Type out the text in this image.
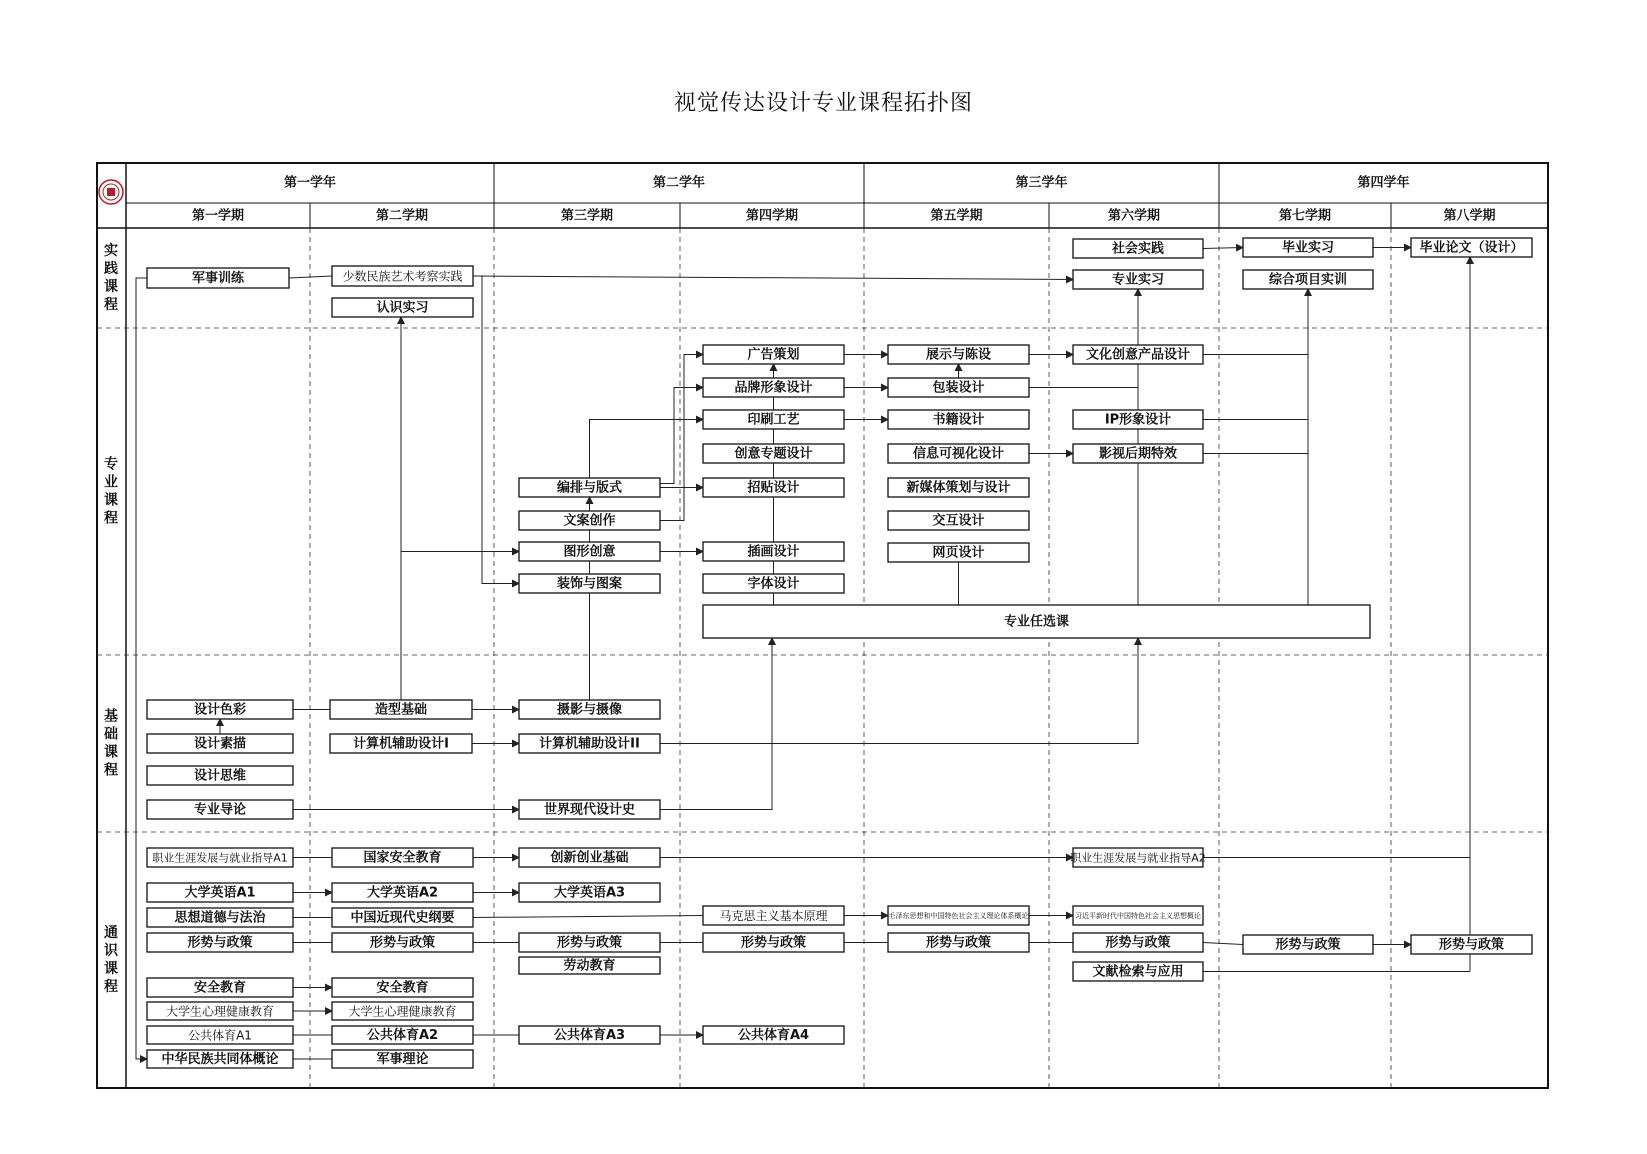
视觉传达设计专业课程拓扑图
军事训练	少数民族艺术考察实践
认识实习
社会实践
专业实习
毕业实习
综合项目实训
毕业论文（设计）
广告策划
品牌形象设计
印刷工艺
创意专题设计
招贴设计
插画设计
字体设计
展示与陈设
包装设计
书籍设计
信息可视化设计
新媒体策划与设计
交互设计
网页设计
文化创意产品设计
IP形象设计
影视后期特效
编排与版式
文案创作
图形创意
装饰与图案
专业任选课
设计色彩
设计素描
设计思维
专业导论
造型基础
计算机辅助设计I
摄影与摄像
计算机辅助设计II
世界现代设计史
职业生涯发展与就业指导A1	国家安全教育	创新创业基础	职业生涯发展与就业指导A2
大学英语A1	大学英语A2	大学英语A3
思想道德与法治	中国近现代史纲要	马克思主义基本原理	毛泽东思想和中国特色社会主义理论体系概论	习近平新时代中国特色社会主义思想概论
形势与政策	形势与政策	形势与政策	形势与政策	形势与政策	形势与政策	形势与政策	形势与政策
劳动教育	文献检索与应用
安全教育	安全教育
大学生心理健康教育	大学生心理健康教育
公共体育A1	公共体育A2	公共体育A3	公共体育A4
中华民族共同体概论	军事理论
第一学年	第二学年	第三学年	第四学年
第一学期	第二学期	第三学期	第四学期	第五学期	第六学期	第七学期	第八学期
实
践
课
程
专
业
课
程
基
础
课
程
通
识
课
程
